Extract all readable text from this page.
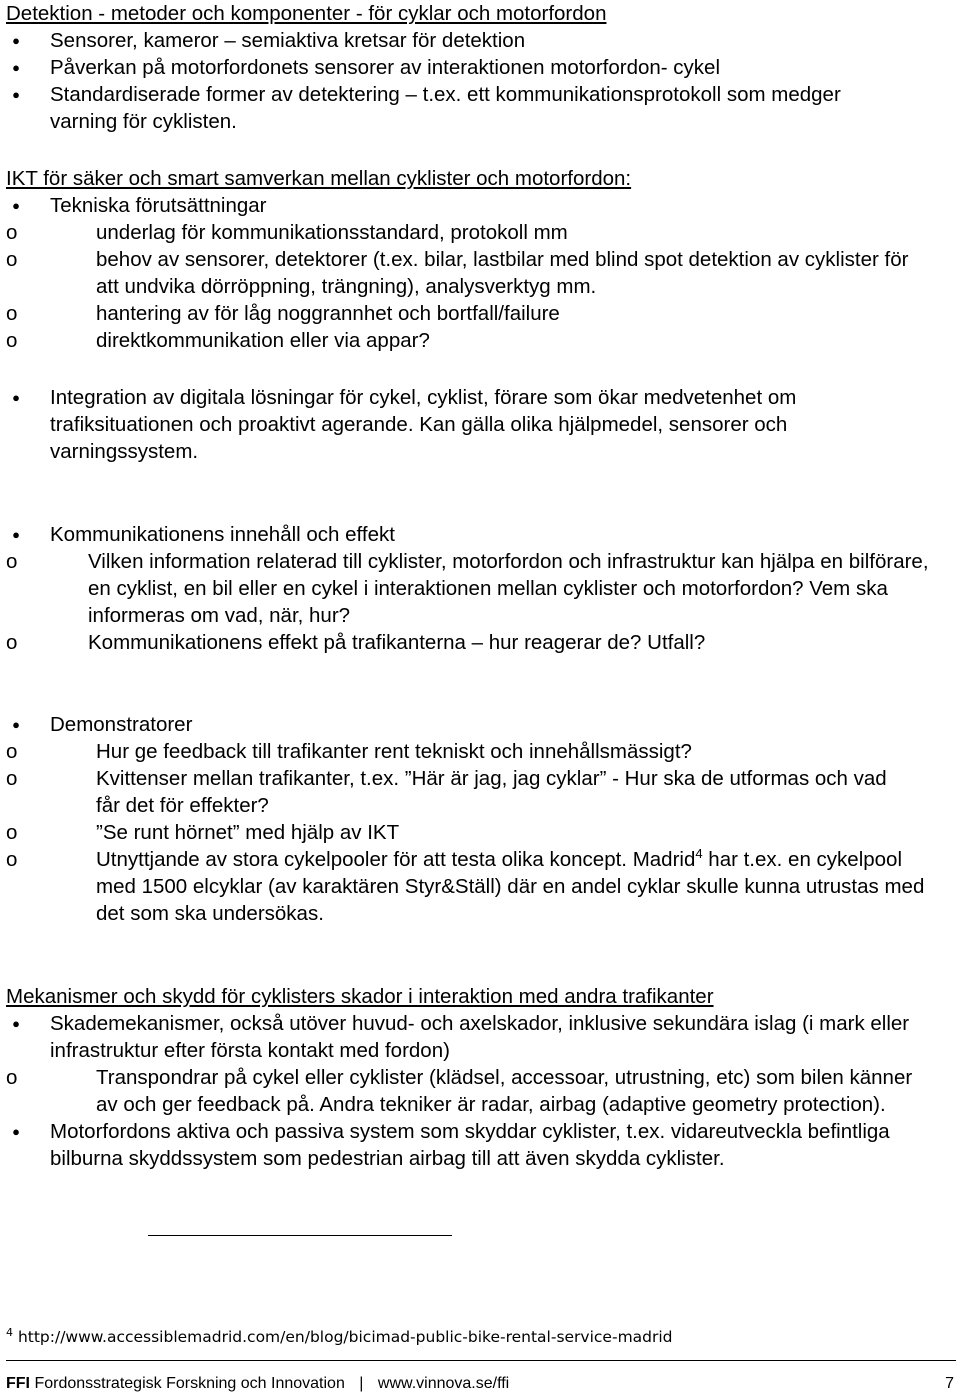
Detektion - metoder och komponenter - för cyklar och motorfordon
● Sensorer, kameror – semiaktiva kretsar för detektion
● Påverkan på motorfordonets sensorer av interaktionen motorfordon- cykel
● Standardiserade former av detektering – t.ex. ett kommunikationsprotokoll som medger varning för cyklisten.
IKT för säker och smart samverkan mellan cyklister och motorfordon:
● Tekniska förutsättningar
o	underlag för kommunikationsstandard, protokoll mm
o	behov av sensorer, detektorer (t.ex. bilar, lastbilar med blind spot detektion av cyklister för att undvika dörröppning, trängning), analysverktyg mm.
o	hantering av för låg noggrannhet och bortfall/failure
o	direktkommunikation eller via appar?
● Integration av digitala lösningar för cykel, cyklist, förare som ökar medvetenhet om trafiksituationen och proaktivt agerande. Kan gälla olika hjälpmedel, sensorer och varningssystem.
● Kommunikationens innehåll och effekt
o	Vilken information relaterad till cyklister, motorfordon och infrastruktur kan hjälpa en bilförare, en cyklist, en bil eller en cykel i interaktionen mellan cyklister och motorfordon? Vem ska informeras om vad, när, hur?
o	Kommunikationens effekt på trafikanterna – hur reagerar de? Utfall?
● Demonstratorer
o	Hur ge feedback till trafikanter rent tekniskt och innehållsmässigt?
o	Kvittenser mellan trafikanter, t.ex. ”Här är jag, jag cyklar” - Hur ska de utformas och vad får det för effekter?
o	”Se runt hörnet” med hjälp av IKT
o	Utnyttjande av stora cykelpooler för att testa olika koncept. Madrid$^4$ har t.ex. en cykelpool med 1500 elcyklar (av karaktären Styr&Ställ) där en andel cyklar skulle kunna utrustas med det som ska undersökas.
Mekanismer och skydd för cyklisters skador i interaktion med andra trafikanter
● Skademekanismer, också utöver huvud- och axelskador, inklusive sekundära islag (i mark eller infrastruktur efter första kontakt med fordon)
o	Transpondrar på cykel eller cyklister (klädsel, accessoar, utrustning, etc) som bilen känner av och ger feedback på. Andra tekniker är radar, airbag (adaptive geometry protection).
● Motorfordons aktiva och passiva system som skyddar cyklister, t.ex. vidareutveckla befintliga bilburna skyddssystem som pedestrian airbag till att även skydda cyklister.
$^4$ http://www.accessiblemadrid.com/en/blog/bicimad-public-bike-rental-service-madrid
FFI Fordonsstrategisk Forskning och Innovation | www.vinnova.se/ffi	7
